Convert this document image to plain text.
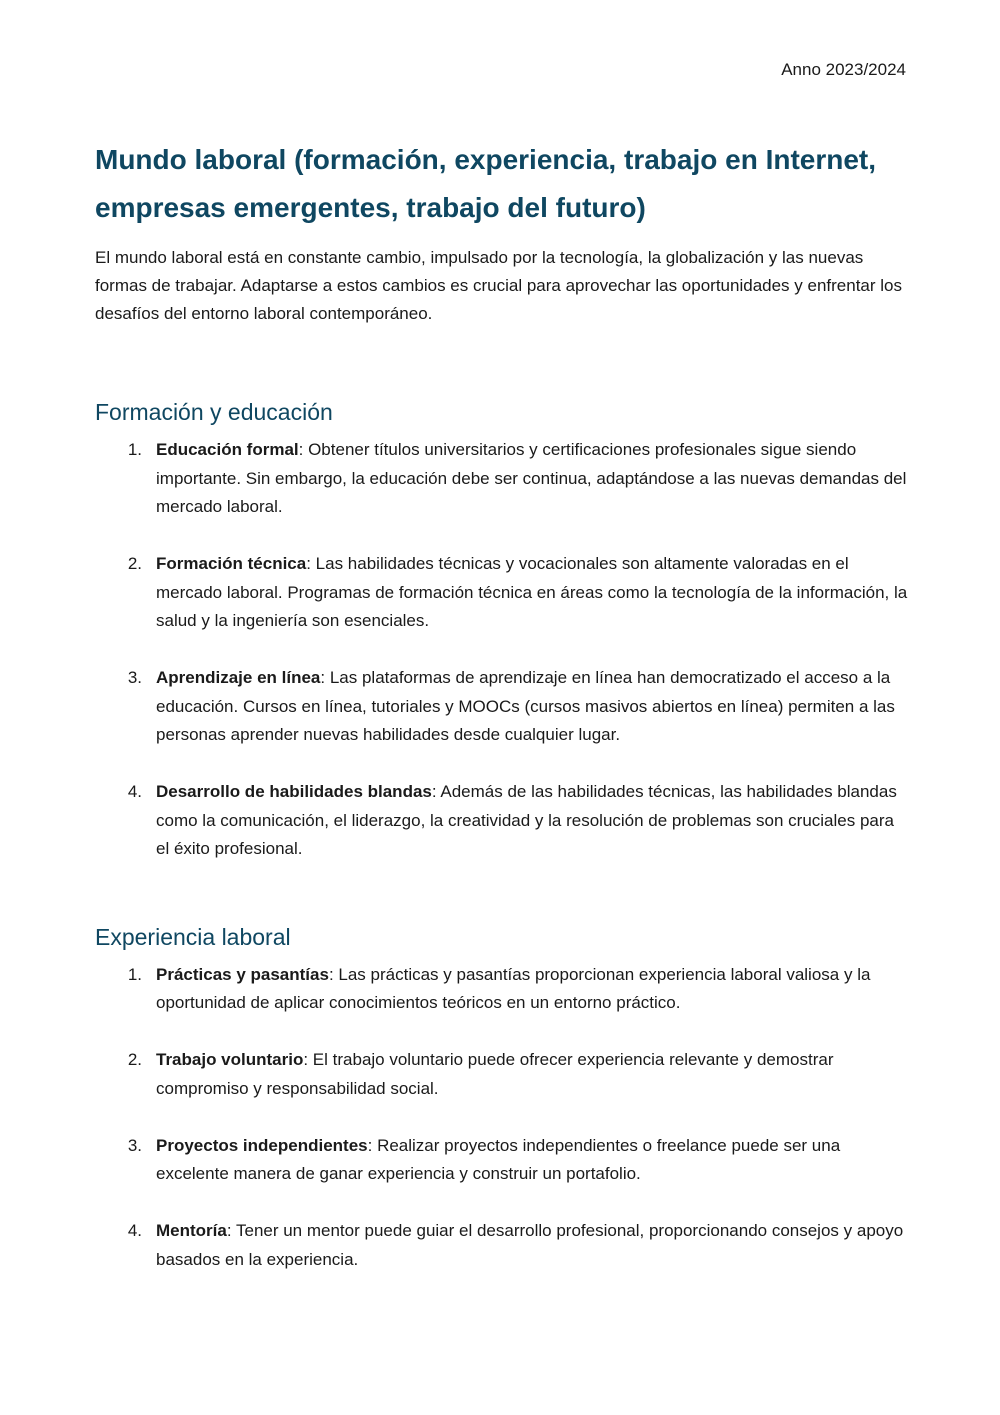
Anno 2023/2024
Mundo laboral (formación, experiencia, trabajo en Internet, empresas emergentes, trabajo del futuro)

El mundo laboral está en constante cambio, impulsado por la tecnología, la globalización y las nuevas formas de trabajar. Adaptarse a estos cambios es crucial para aprovechar las oportunidades y enfrentar los desafíos del entorno laboral contemporáneo.

Formación y educación
1. Educación formal: Obtener títulos universitarios y certificaciones profesionales sigue siendo importante. Sin embargo, la educación debe ser continua, adaptándose a las nuevas demandas del mercado laboral.
2. Formación técnica: Las habilidades técnicas y vocacionales son altamente valoradas en el mercado laboral. Programas de formación técnica en áreas como la tecnología de la información, la salud y la ingeniería son esenciales.
3. Aprendizaje en línea: Las plataformas de aprendizaje en línea han democratizado el acceso a la educación. Cursos en línea, tutoriales y MOOCs (cursos masivos abiertos en línea) permiten a las personas aprender nuevas habilidades desde cualquier lugar.
4. Desarrollo de habilidades blandas: Además de las habilidades técnicas, las habilidades blandas como la comunicación, el liderazgo, la creatividad y la resolución de problemas son cruciales para el éxito profesional.
Experiencia laboral
1. Prácticas y pasantías: Las prácticas y pasantías proporcionan experiencia laboral valiosa y la oportunidad de aplicar conocimientos teóricos en un entorno práctico.
2. Trabajo voluntario: El trabajo voluntario puede ofrecer experiencia relevante y demostrar compromiso y responsabilidad social.
3. Proyectos independientes: Realizar proyectos independientes o freelance puede ser una excelente manera de ganar experiencia y construir un portafolio.
4. Mentoría: Tener un mentor puede guiar el desarrollo profesional, proporcionando consejos y apoyo basados en la experiencia.
